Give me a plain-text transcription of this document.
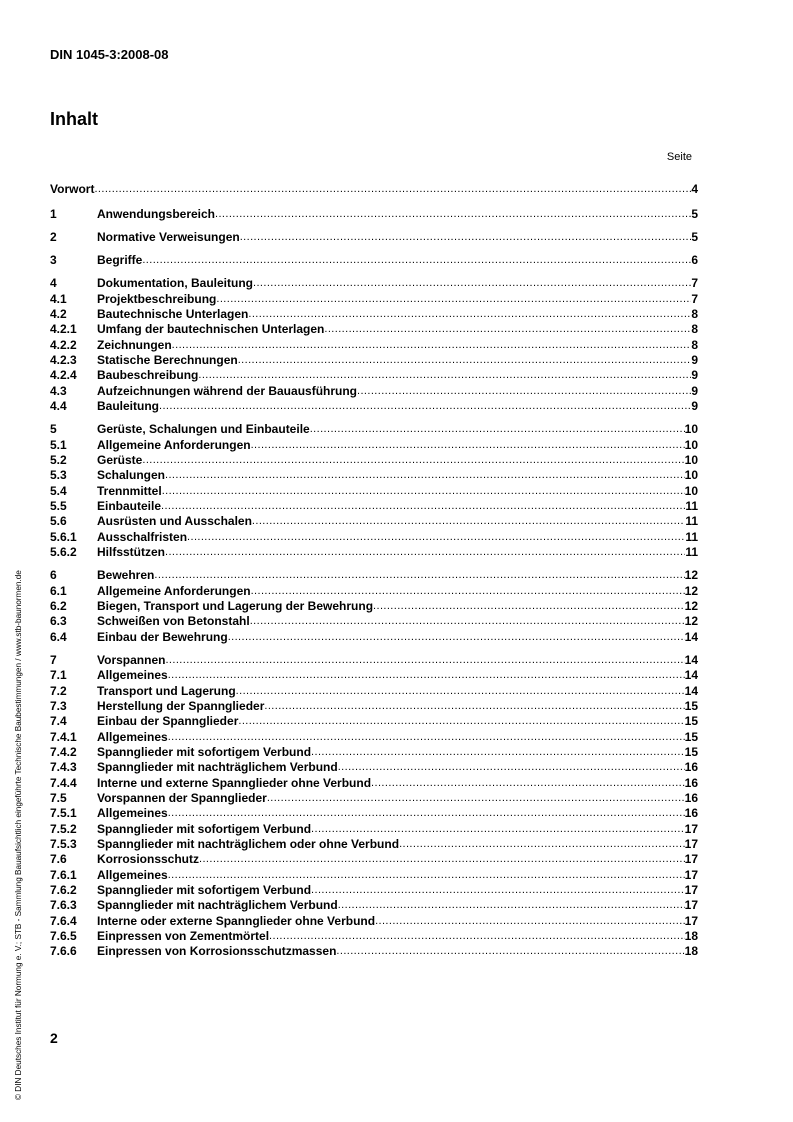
DIN 1045-3:2008-08
Inhalt
Seite
Vorwort .....	4
1	Anwendungsbereich .....	5
2	Normative Verweisungen .....	5
3	Begriffe .....	6
4	Dokumentation, Bauleitung .....	7
4.1	Projektbeschreibung .....	7
4.2	Bautechnische Unterlagen .....	8
4.2.1	Umfang der bautechnischen Unterlagen .....	8
4.2.2	Zeichnungen .....	8
4.2.3	Statische Berechnungen .....	9
4.2.4	Baubeschreibung .....	9
4.3	Aufzeichnungen während der Bauausführung .....	9
4.4	Bauleitung .....	9
5	Gerüste, Schalungen und Einbauteile .....	10
5.1	Allgemeine Anforderungen .....	10
5.2	Gerüste .....	10
5.3	Schalungen .....	10
5.4	Trennmittel .....	10
5.5	Einbauteile .....	11
5.6	Ausrüsten und Ausschalen .....	11
5.6.1	Ausschalfristen .....	11
5.6.2	Hilfsstützen .....	11
6	Bewehren .....	12
6.1	Allgemeine Anforderungen .....	12
6.2	Biegen, Transport und Lagerung der Bewehrung .....	12
6.3	Schweißen von Betonstahl .....	12
6.4	Einbau der Bewehrung .....	14
7	Vorspannen .....	14
7.1	Allgemeines .....	14
7.2	Transport und Lagerung .....	14
7.3	Herstellung der Spannglieder .....	15
7.4	Einbau der Spannglieder .....	15
7.4.1	Allgemeines .....	15
7.4.2	Spannglieder mit sofortigem Verbund .....	15
7.4.3	Spannglieder mit nachträglichem Verbund .....	16
7.4.4	Interne und externe Spannglieder ohne Verbund .....	16
7.5	Vorspannen der Spannglieder .....	16
7.5.1	Allgemeines .....	16
7.5.2	Spannglieder mit sofortigem Verbund .....	17
7.5.3	Spannglieder mit nachträglichem oder ohne Verbund .....	17
7.6	Korrosionsschutz .....	17
7.6.1	Allgemeines .....	17
7.6.2	Spannglieder mit sofortigem Verbund .....	17
7.6.3	Spannglieder mit nachträglichem Verbund .....	17
7.6.4	Interne oder externe Spannglieder ohne Verbund .....	17
7.6.5	Einpressen von Zementmörtel .....	18
7.6.6	Einpressen von Korrosionsschutzmassen .....	18
2
© DIN Deutsches Institut für Normung e. V.; STB - Sammlung Bauaufsichtlich eingeführte Technische Baubestimmungen / www.stb-baunormen.de
